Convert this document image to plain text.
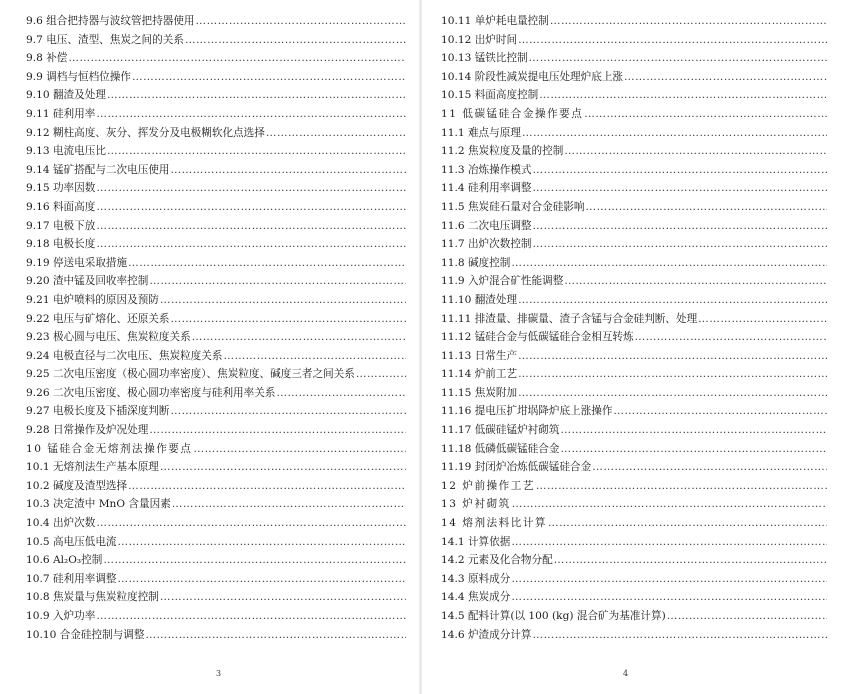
9.6 组合把持器与波纹管把持器使用
…………………………………………………………………………………………………………………………………………………………………………………………………………
9.7 电压、渣型、焦炭之间的关系
…………………………………………………………………………………………………………………………………………………………………………………………………………
9.8 补偿
…………………………………………………………………………………………………………………………………………………………………………………………………………
9.9 调档与恒档位操作
…………………………………………………………………………………………………………………………………………………………………………………………………………
9.10 翻渣及处理
…………………………………………………………………………………………………………………………………………………………………………………………………………
9.11 硅利用率
…………………………………………………………………………………………………………………………………………………………………………………………………………
9.12 糊柱高度、灰分、挥发分及电极糊软化点选择
…………………………………………………………………………………………………………………………………………………………………………………………………………
9.13 电流电压比
…………………………………………………………………………………………………………………………………………………………………………………………………………
9.14 锰矿搭配与二次电压使用
…………………………………………………………………………………………………………………………………………………………………………………………………………
9.15 功率因数
…………………………………………………………………………………………………………………………………………………………………………………………………………
9.16 料面高度
…………………………………………………………………………………………………………………………………………………………………………………………………………
9.17 电极下放
…………………………………………………………………………………………………………………………………………………………………………………………………………
9.18 电极长度
…………………………………………………………………………………………………………………………………………………………………………………………………………
9.19 停送电采取措施
…………………………………………………………………………………………………………………………………………………………………………………………………………
9.20 渣中锰及回收率控制
…………………………………………………………………………………………………………………………………………………………………………………………………………
9.21 电炉喷料的原因及预防
…………………………………………………………………………………………………………………………………………………………………………………………………………
9.22 电压与矿熔化、还原关系
…………………………………………………………………………………………………………………………………………………………………………………………………………
9.23 极心圆与电压、焦炭粒度关系
…………………………………………………………………………………………………………………………………………………………………………………………………………
9.24 电极直径与二次电压、焦炭粒度关系
…………………………………………………………………………………………………………………………………………………………………………………………………………
9.25 二次电压密度（极心圆功率密度）、焦炭粒度、碱度三者之间关系
…………………………………………………………………………………………………………………………………………………………………………………………………………
9.26 二次电压密度、极心圆功率密度与硅利用率关系
…………………………………………………………………………………………………………………………………………………………………………………………………………
9.27 电极长度及下插深度判断
…………………………………………………………………………………………………………………………………………………………………………………………………………
9.28 日常操作及炉况处理
…………………………………………………………………………………………………………………………………………………………………………………………………………
10 锰硅合金无熔剂法操作要点
…………………………………………………………………………………………………………………………………………………………………………………………………………
10.1 无熔剂法生产基本原理
…………………………………………………………………………………………………………………………………………………………………………………………………………
10.2 碱度及渣型选择
…………………………………………………………………………………………………………………………………………………………………………………………………………
10.3 决定渣中 MnO 含量因素
…………………………………………………………………………………………………………………………………………………………………………………………………………
10.4 出炉次数
…………………………………………………………………………………………………………………………………………………………………………………………………………
10.5 高电压低电流
…………………………………………………………………………………………………………………………………………………………………………………………………………
10.6 Al₂O₃控制
…………………………………………………………………………………………………………………………………………………………………………………………………………
10.7 硅利用率调整
…………………………………………………………………………………………………………………………………………………………………………………………………………
10.8 焦炭量与焦炭粒度控制
…………………………………………………………………………………………………………………………………………………………………………………………………………
10.9 入炉功率
…………………………………………………………………………………………………………………………………………………………………………………………………………
10.10 合金硅控制与调整
…………………………………………………………………………………………………………………………………………………………………………………………………………
3
10.11 单炉耗电量控制
…………………………………………………………………………………………………………………………………………………………………………………………………………
10.12 出炉时间
…………………………………………………………………………………………………………………………………………………………………………………………………………
10.13 锰铁比控制
…………………………………………………………………………………………………………………………………………………………………………………………………………
10.14 阶段性减炭提电压处理炉底上涨
…………………………………………………………………………………………………………………………………………………………………………………………………………
10.15 料面高度控制
…………………………………………………………………………………………………………………………………………………………………………………………………………
11 低碳锰硅合金操作要点
…………………………………………………………………………………………………………………………………………………………………………………………………………
11.1 难点与原理
…………………………………………………………………………………………………………………………………………………………………………………………………………
11.2 焦炭粒度及量的控制
…………………………………………………………………………………………………………………………………………………………………………………………………………
11.3 冶炼操作模式
…………………………………………………………………………………………………………………………………………………………………………………………………………
11.4 硅利用率调整
…………………………………………………………………………………………………………………………………………………………………………………………………………
11.5 焦炭硅石量对合金硅影响
…………………………………………………………………………………………………………………………………………………………………………………………………………
11.6 二次电压调整
…………………………………………………………………………………………………………………………………………………………………………………………………………
11.7 出炉次数控制
…………………………………………………………………………………………………………………………………………………………………………………………………………
11.8 碱度控制
…………………………………………………………………………………………………………………………………………………………………………………………………………
11.9 入炉混合矿性能调整
…………………………………………………………………………………………………………………………………………………………………………………………………………
11.10 翻渣处理
…………………………………………………………………………………………………………………………………………………………………………………………………………
11.11 排渣量、排碳量、渣子含锰与合金硅判断、处理
…………………………………………………………………………………………………………………………………………………………………………………………………………
11.12 锰硅合金与低碳锰硅合金相互转炼
…………………………………………………………………………………………………………………………………………………………………………………………………………
11.13 日常生产
…………………………………………………………………………………………………………………………………………………………………………………………………………
11.14 炉前工艺
…………………………………………………………………………………………………………………………………………………………………………………………………………
11.15 焦炭附加
…………………………………………………………………………………………………………………………………………………………………………………………………………
11.16 提电压扩坩埚降炉底上涨操作
…………………………………………………………………………………………………………………………………………………………………………………………………………
11.17 低碳硅锰炉衬砌筑
…………………………………………………………………………………………………………………………………………………………………………………………………………
11.18 低磷低碳锰硅合金
…………………………………………………………………………………………………………………………………………………………………………………………………………
11.19 封闭炉冶炼低碳锰硅合金
…………………………………………………………………………………………………………………………………………………………………………………………………………
12 炉前操作工艺
…………………………………………………………………………………………………………………………………………………………………………………………………………
13 炉衬砌筑
…………………………………………………………………………………………………………………………………………………………………………………………………………
14 熔剂法料比计算
…………………………………………………………………………………………………………………………………………………………………………………………………………
14.1 计算依据
…………………………………………………………………………………………………………………………………………………………………………………………………………
14.2 元素及化合物分配
…………………………………………………………………………………………………………………………………………………………………………………………………………
14.3 原料成分
…………………………………………………………………………………………………………………………………………………………………………………………………………
14.4 焦炭成分
…………………………………………………………………………………………………………………………………………………………………………………………………………
14.5 配料计算(以 100 (kg) 混合矿为基准计算)
…………………………………………………………………………………………………………………………………………………………………………………………………………
14.6 炉渣成分计算
…………………………………………………………………………………………………………………………………………………………………………………………………………
4
